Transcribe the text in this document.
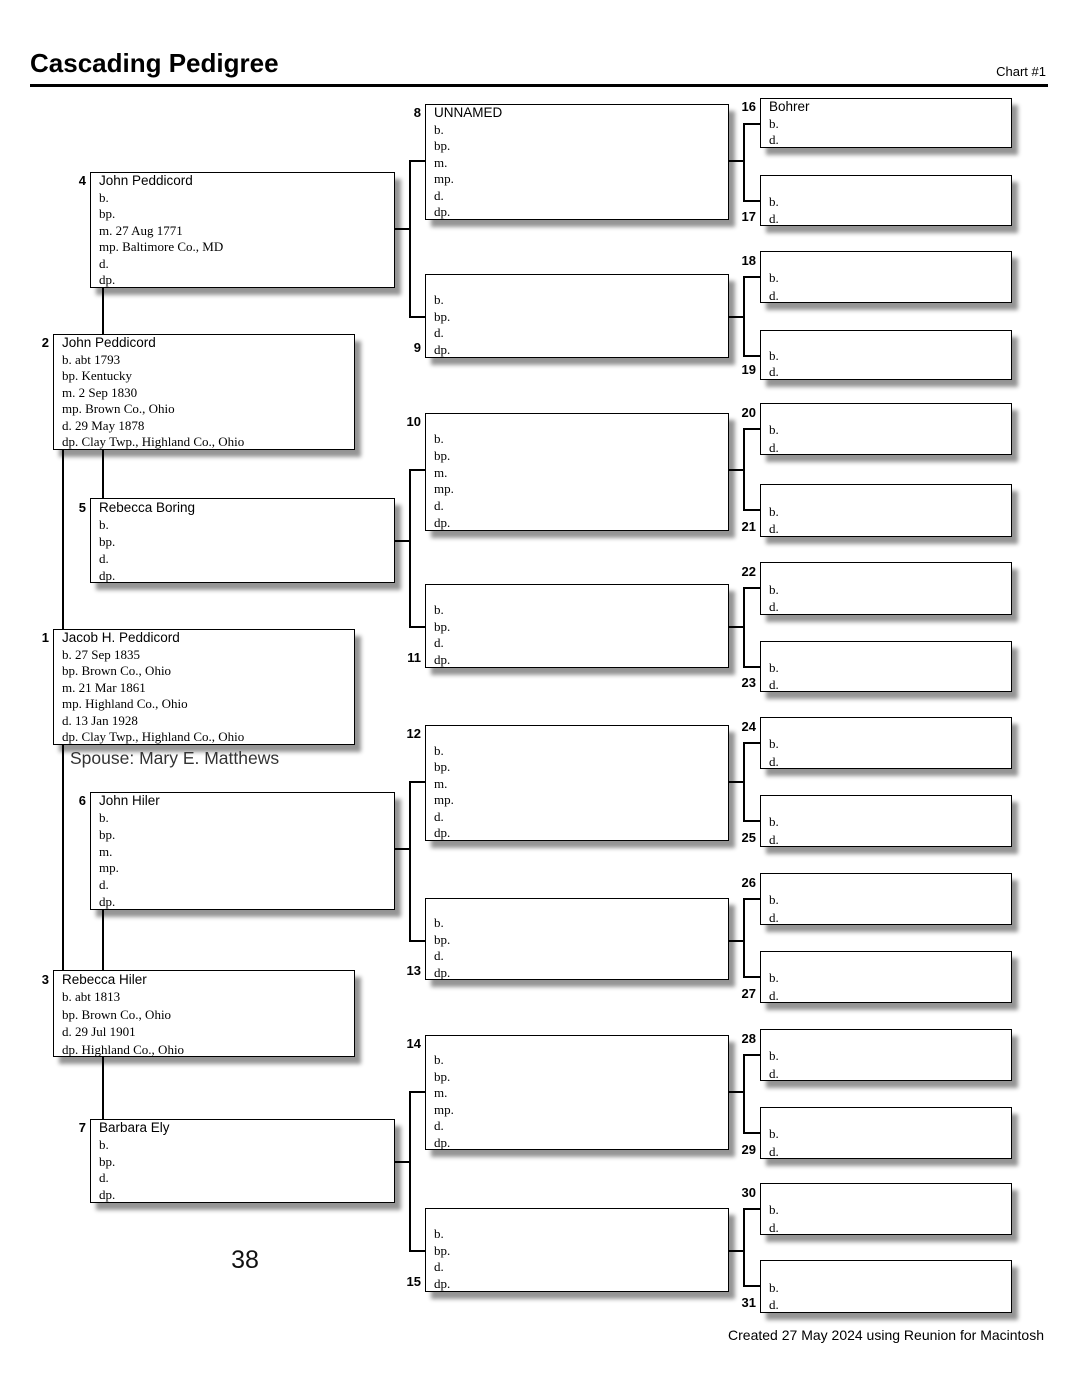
Cascading Pedigree	Chart #1
Jacob H. Peddicord
b. 27 Sep 1835
bp. Brown Co., Ohio
m. 21 Mar 1861
mp. Highland Co., Ohio
d. 13 Jan 1928
dp. Clay Twp., Highland Co., Ohio
1
John Peddicord
b. abt 1793
bp. Kentucky
m. 2 Sep 1830
mp. Brown Co., Ohio
d. 29 May 1878
dp. Clay Twp., Highland Co., Ohio
2
Rebecca Hiler
b. abt 1813
bp. Brown Co., Ohio
d. 29 Jul 1901
dp. Highland Co., Ohio
3
John Peddicord
b.
bp.
m. 27 Aug 1771
mp. Baltimore Co., MD
d.
dp.
4
Rebecca Boring
b.
bp.
d.
dp.
5
John Hiler
b.
bp.
m.
mp.
d.
dp.
6
Barbara Ely
b.
bp.
d.
dp.
7
UNNAMED
b.
bp.
m.
mp.
d.
dp.
8
b.
bp.
d.
dp.
9
b.
bp.
m.
mp.
d.
dp.
10
b.
bp.
d.
dp.
11
b.
bp.
m.
mp.
d.
dp.
12
b.
bp.
d.
dp.
13
b.
bp.
m.
mp.
d.
dp.
14
b.
bp.
d.
dp.
15
Bohrer
b.
d.
16
b.
d.
17
b.
d.
18
b.
d.
19
b.
d.
20
b.
d.
21
b.
d.
22
b.
d.
23
b.
d.
24
b.
d.
25
b.
d.
26
b.
d.
27
b.
d.
28
b.
d.
29
b.
d.
30
b.
d.
31
Spouse: Mary E. Matthews
38
Created 27 May 2024 using Reunion for Macintosh
